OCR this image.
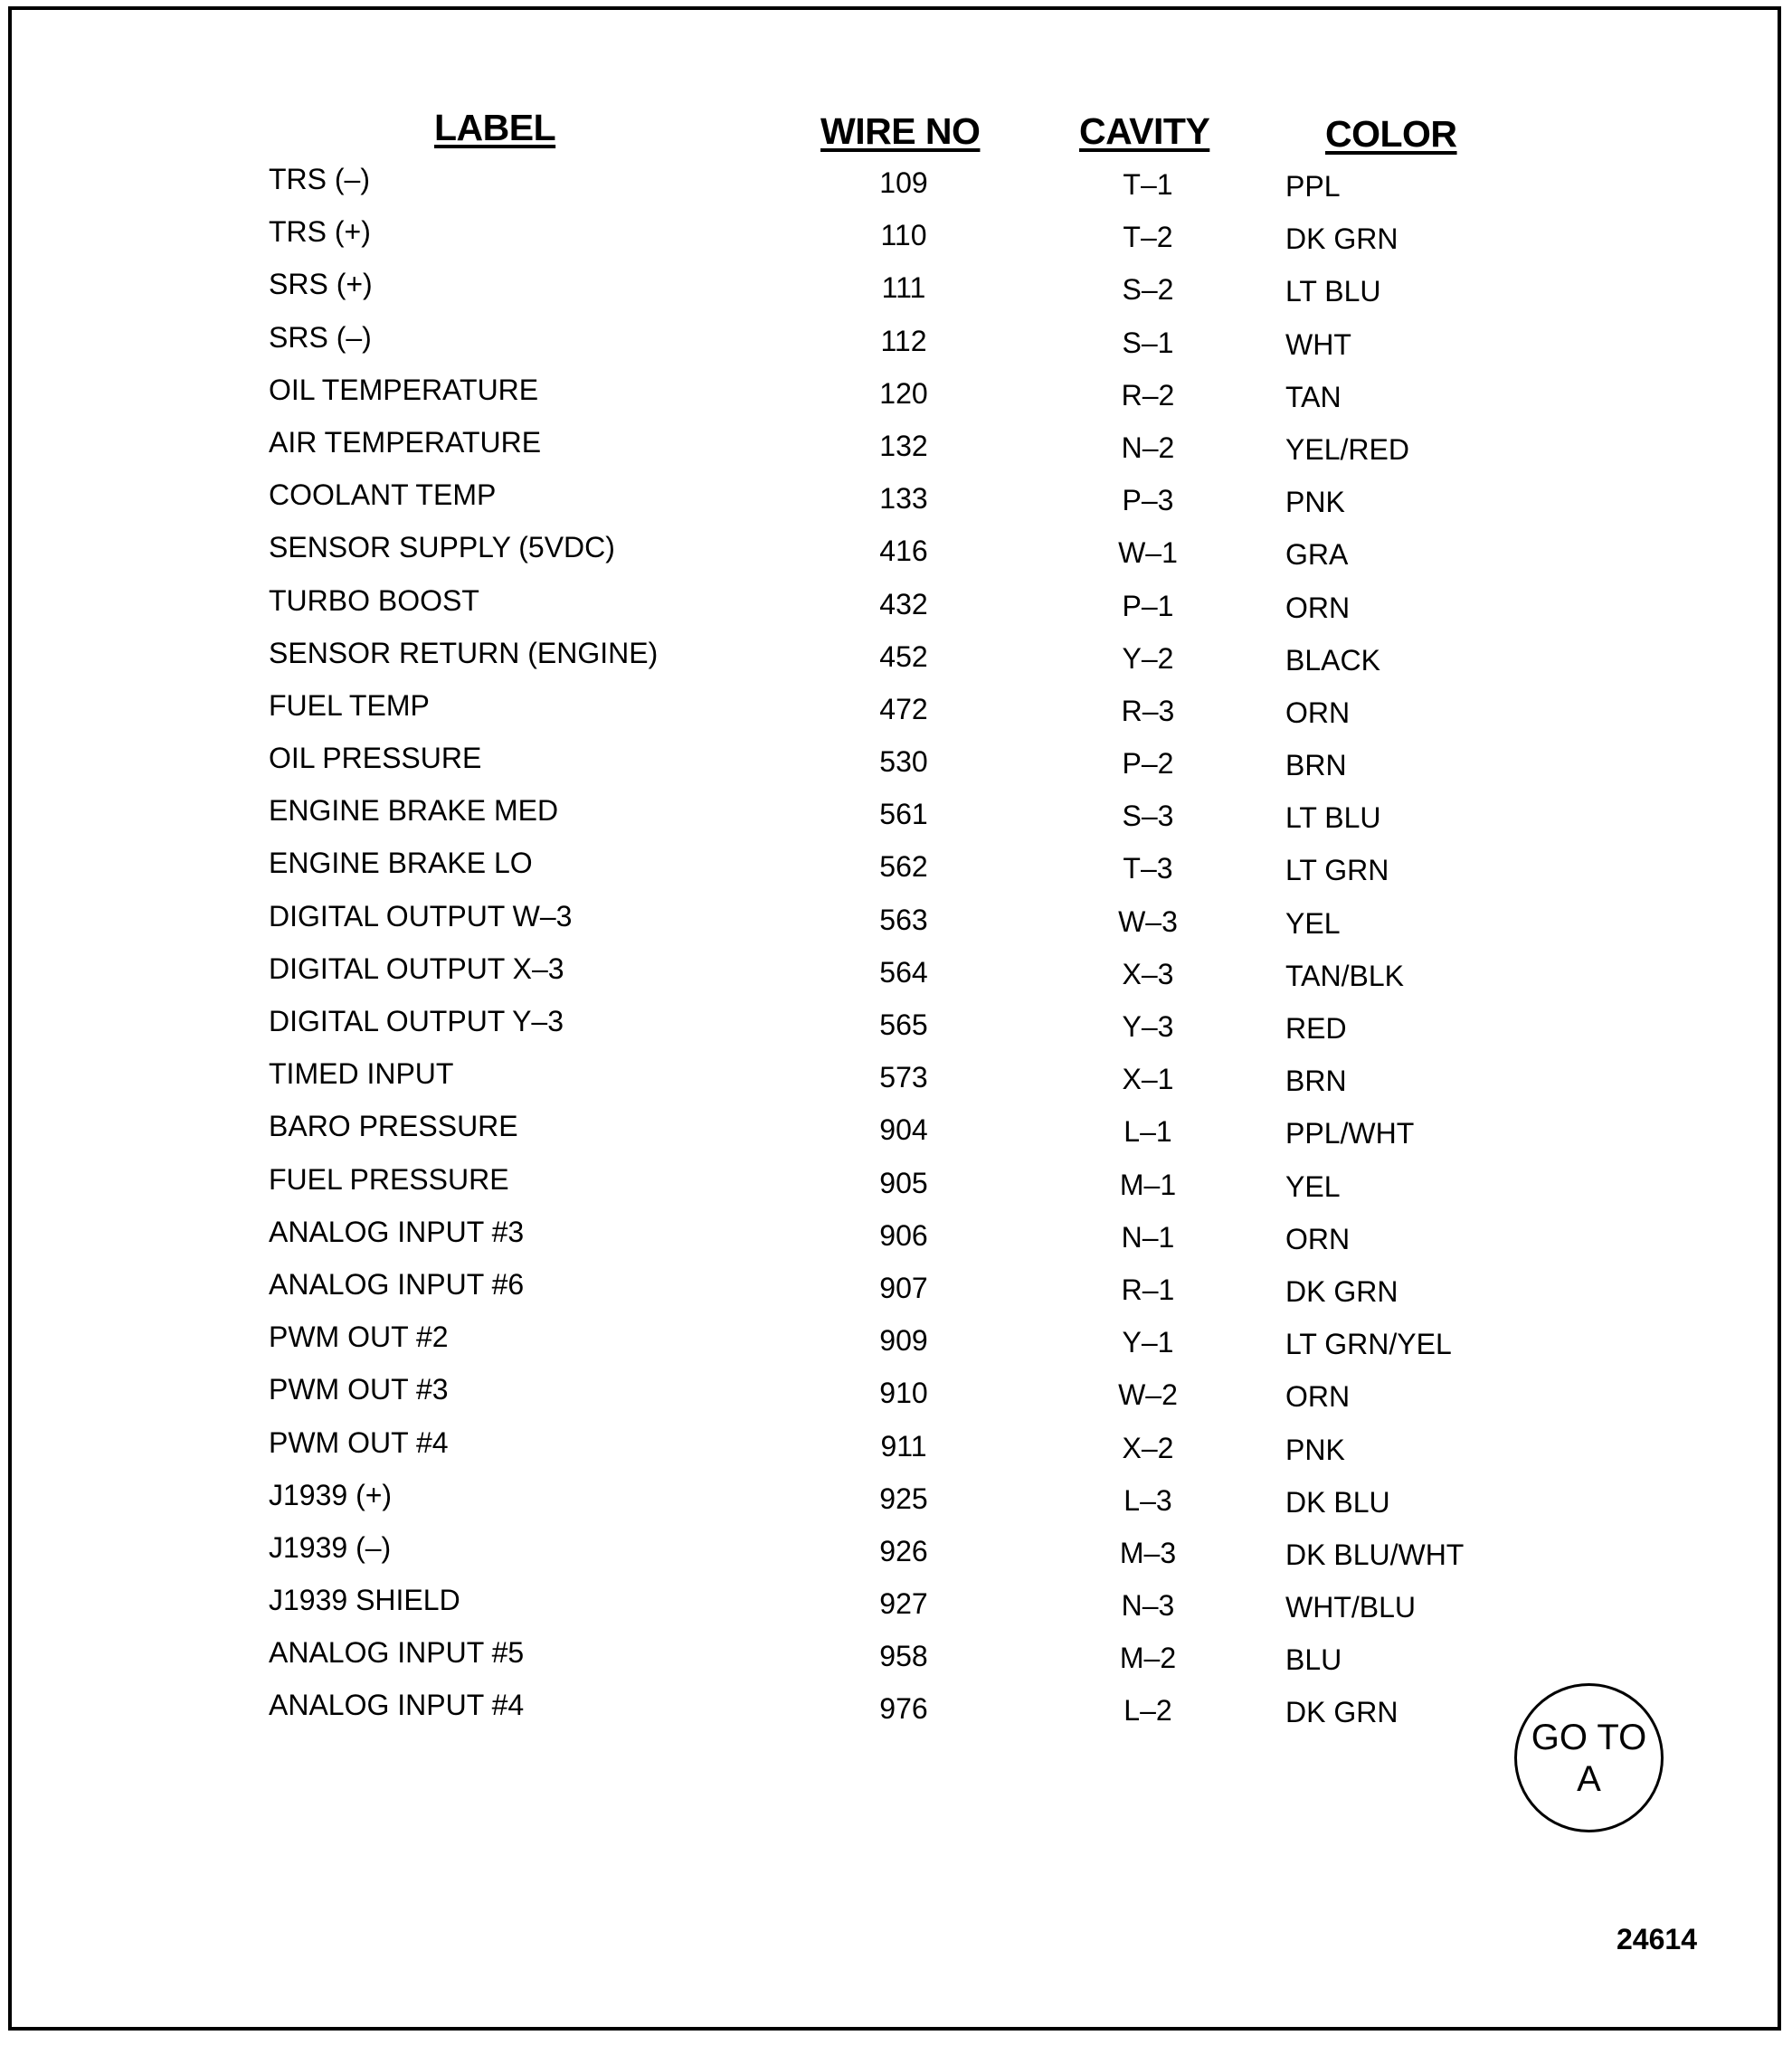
LABEL	WIRE NO	CAVITY	COLOR
TRS (–)	109	T–1	PPL
TRS (+)	110	T–2	DK GRN
SRS (+)	111	S–2	LT BLU
SRS (–)	112	S–1	WHT
OIL TEMPERATURE	120	R–2	TAN
AIR TEMPERATURE	132	N–2	YEL/RED
COOLANT TEMP	133	P–3	PNK
SENSOR SUPPLY (5VDC)	416	W–1	GRA
TURBO BOOST	432	P–1	ORN
SENSOR RETURN (ENGINE)	452	Y–2	BLACK
FUEL TEMP	472	R–3	ORN
OIL PRESSURE	530	P–2	BRN
ENGINE BRAKE MED	561	S–3	LT BLU
ENGINE BRAKE LO	562	T–3	LT GRN
DIGITAL OUTPUT W–3	563	W–3	YEL
DIGITAL OUTPUT X–3	564	X–3	TAN/BLK
DIGITAL OUTPUT Y–3	565	Y–3	RED
TIMED INPUT	573	X–1	BRN
BARO PRESSURE	904	L–1	PPL/WHT
FUEL PRESSURE	905	M–1	YEL
ANALOG INPUT #3	906	N–1	ORN
ANALOG INPUT #6	907	R–1	DK GRN
PWM OUT #2	909	Y–1	LT GRN/YEL
PWM OUT #3	910	W–2	ORN
PWM OUT #4	911	X–2	PNK
J1939 (+)	925	L–3	DK BLU
J1939 (–)	926	M–3	DK BLU/WHT
J1939 SHIELD	927	N–3	WHT/BLU
ANALOG INPUT #5	958	M–2	BLU
ANALOG INPUT #4	976	L–2	DK GRN
GO TO
A
24614
